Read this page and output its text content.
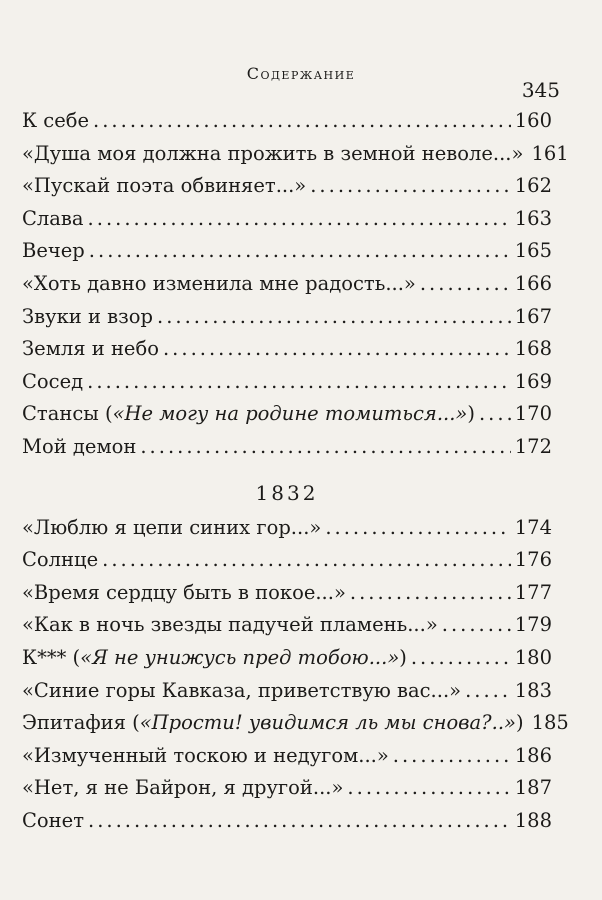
Содержание
345
К себе .....	160
«Душа моя должна прожить в земной неволе...» 161
«Пускай поэта обвиняет...» .....	162
Слава .....	163
Вечер .....	165
«Хоть давно изменила мне радость...» .....	166
Звуки и взор .....	167
Земля и небо .....	168
Сосед .....	169
Стансы («Не могу на родине томиться...») ..... 170
Мой демон .....	172
1832
«Люблю я цепи синих гор...» .....	174
Солнце .....	176
«Время сердцу быть в покое...» .....	177
«Как в ночь звезды падучей пламень...» .....	179
К*** («Я не унижусь пред тобою...») .....	180
«Синие горы Кавказа, приветствую вас...» .....	183
Эпитафия («Прости! увидимся ль мы снова?..») 185
«Измученный тоскою и недугом...» .....	186
«Нет, я не Байрон, я другой...» .....	187
Сонет .....	188
